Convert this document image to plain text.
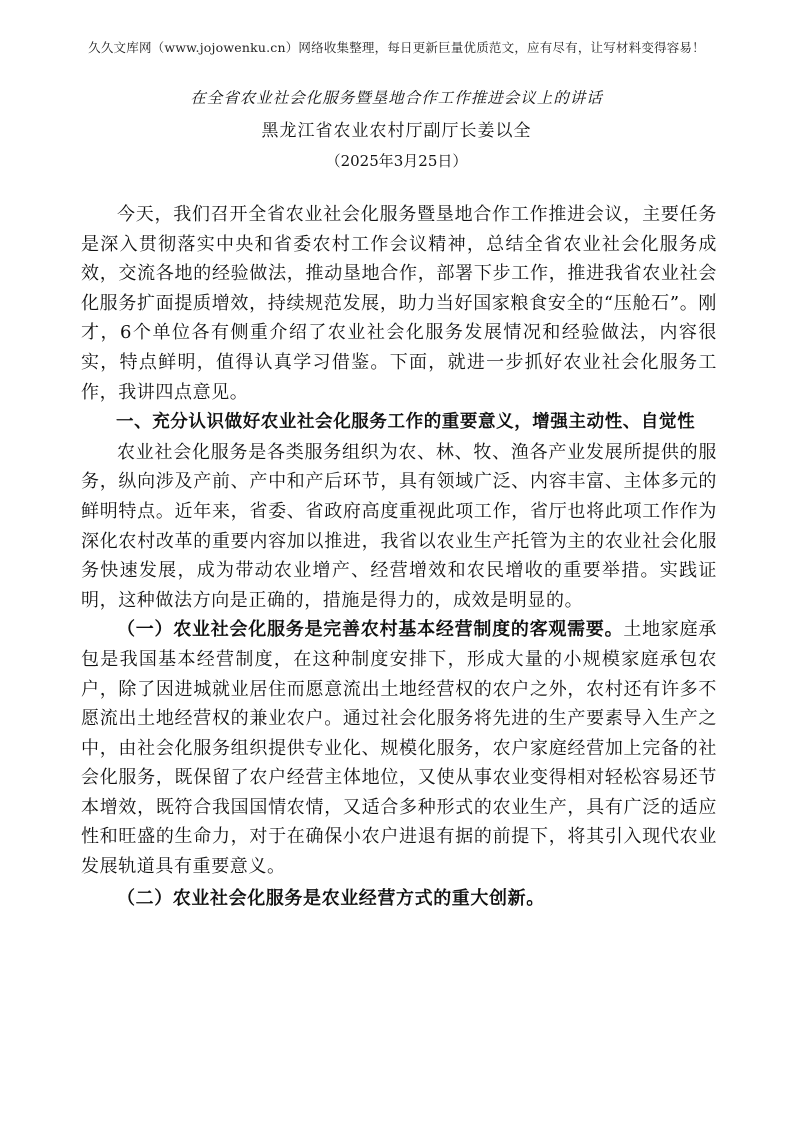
久久文库网（www.jojowenku.cn）网络收集整理，每日更新巨量优质范文，应有尽有，让写材料变得容易！
在全省农业社会化服务暨垦地合作工作推进会议上的讲话
黑龙江省农业农村厅副厅长姜以全
（2025年3月25日）

今天，我们召开全省农业社会化服务暨垦地合作工作推进会议，主要任务是深入贯彻落实中央和省委农村工作会议精神，总结全省农业社会化服务成效，交流各地的经验做法，推动垦地合作，部署下步工作，推进我省农业社会化服务扩面提质增效，持续规范发展，助力当好国家粮食安全的“压舱石”。刚才，6个单位各有侧重介绍了农业社会化服务发展情况和经验做法，内容很实，特点鲜明，值得认真学习借鉴。下面，就进一步抓好农业社会化服务工作，我讲四点意见。

一、充分认识做好农业社会化服务工作的重要意义，增强主动性、自觉性

农业社会化服务是各类服务组织为农、林、牧、渔各产业发展所提供的服务，纵向涉及产前、产中和产后环节，具有领域广泛、内容丰富、主体多元的鲜明特点。近年来，省委、省政府高度重视此项工作，省厅也将此项工作作为深化农村改革的重要内容加以推进，我省以农业生产托管为主的农业社会化服务快速发展，成为带动农业增产、经营增效和农民增收的重要举措。实践证明，这种做法方向是正确的，措施是得力的，成效是明显的。

（一）农业社会化服务是完善农村基本经营制度的客观需要。土地家庭承包是我国基本经营制度，在这种制度安排下，形成大量的小规模家庭承包农户，除了因进城就业居住而愿意流出土地经营权的农户之外，农村还有许多不愿流出土地经营权的兼业农户。通过社会化服务将先进的生产要素导入生产之中，由社会化服务组织提供专业化、规模化服务，农户家庭经营加上完备的社会化服务，既保留了农户经营主体地位，又使从事农业变得相对轻松容易还节本增效，既符合我国国情农情，又适合多种形式的农业生产，具有广泛的适应性和旺盛的生命力，对于在确保小农户进退有据的前提下，将其引入现代农业发展轨道具有重要意义。

（二）农业社会化服务是农业经营方式的重大创新。
